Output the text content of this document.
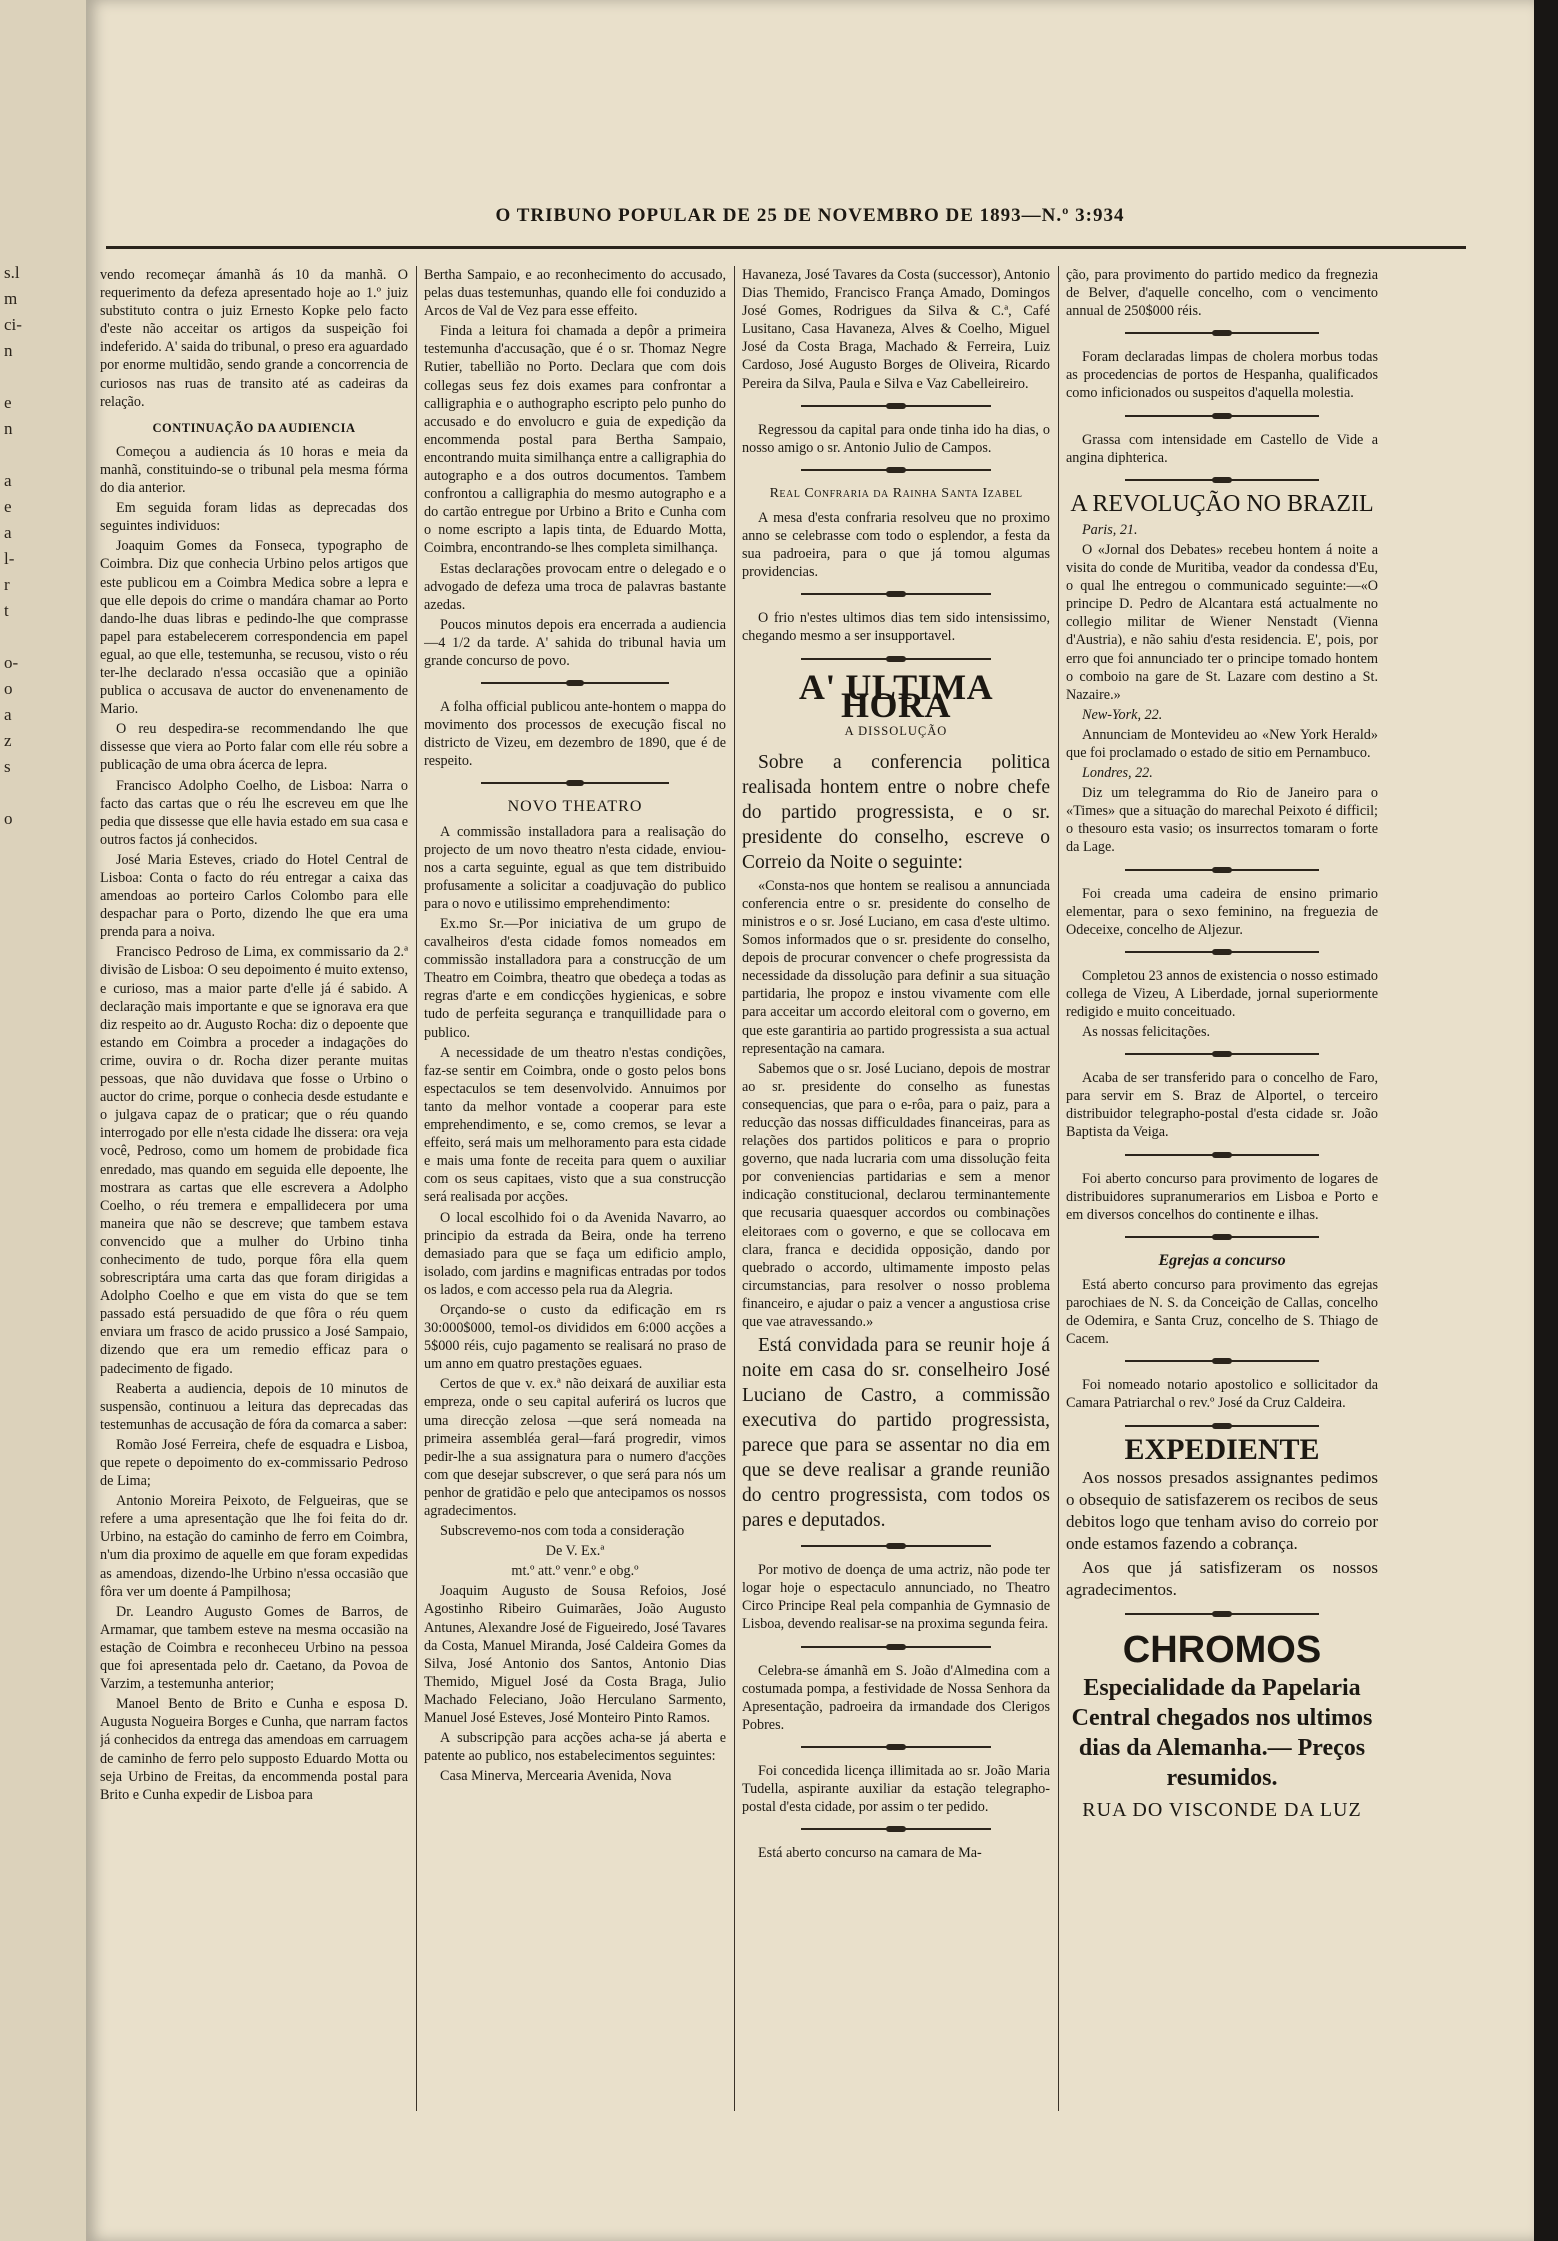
s.l
m
ci-
n
e
n
a
e
a
l-
r
t
o-
o
a
z
s
o
O TRIBUNO POPULAR DE 25 DE NOVEMBRO DE 1893—N.º 3:934

vendo recomeçar ámanhã ás 10 da manhã. O requerimento da defeza apresentado hoje ao 1.º juiz substituto contra o juiz Ernesto Kopke pelo facto d'este não acceitar os artigos da suspeição foi indeferido. A' saida do tribunal, o preso era aguardado por enorme multidão, sendo grande a concorrencia de curiosos nas ruas de transito até as cadeiras da relação.

CONTINUAÇÃO DA AUDIENCIA

Começou a audiencia ás 10 horas e meia da manhã, constituindo-se o tribunal pela mesma fórma do dia anterior.

Em seguida foram lidas as deprecadas dos seguintes individuos:

Joaquim Gomes da Fonseca, typographo de Coimbra. Diz que conhecia Urbino pelos artigos que este publicou em a Coimbra Medica sobre a lepra e que elle depois do crime o mandára chamar ao Porto dando-lhe duas libras e pedindo-lhe que comprasse papel para estabelecerem correspondencia em papel egual, ao que elle, testemunha, se recusou, visto o réu ter-lhe declarado n'essa occasião que a opinião publica o accusava de auctor do envenenamento de Mario.

O reu despedira-se recommendando lhe que dissesse que viera ao Porto falar com elle réu sobre a publicação de uma obra ácerca de lepra.

Francisco Adolpho Coelho, de Lisboa: Narra o facto das cartas que o réu lhe escreveu em que lhe pedia que dissesse que elle havia estado em sua casa e outros factos já conhecidos.

José Maria Esteves, criado do Hotel Central de Lisboa: Conta o facto do réu entregar a caixa das amendoas ao porteiro Carlos Colombo para elle despachar para o Porto, dizendo lhe que era uma prenda para a noiva.

Francisco Pedroso de Lima, ex commissario da 2.ª divisão de Lisboa: O seu depoimento é muito extenso, e curioso, mas a maior parte d'elle já é sabido. A declaração mais importante e que se ignorava era que diz respeito ao dr. Augusto Rocha: diz o depoente que estando em Coimbra a proceder a indagações do crime, ouvira o dr. Rocha dizer perante muitas pessoas, que não duvidava que fosse o Urbino o auctor do crime, porque o conhecia desde estudante e o julgava capaz de o praticar; que o réu quando interrogado por elle n'esta cidade lhe dissera: ora veja você, Pedroso, como um homem de probidade fica enredado, mas quando em seguida elle depoente, lhe mostrara as cartas que elle escrevera a Adolpho Coelho, o réu tremera e empallidecera por uma maneira que não se descreve; que tambem estava convencido que a mulher do Urbino tinha conhecimento de tudo, porque fôra ella quem sobrescriptára uma carta das que foram dirigidas a Adolpho Coelho e que em vista do que se tem passado está persuadido de que fôra o réu quem enviara um frasco de acido prussico a José Sampaio, dizendo que era um remedio efficaz para o padecimento de figado.

Reaberta a audiencia, depois de 10 minutos de suspensão, continuou a leitura das deprecadas das testemunhas de accusação de fóra da comarca a saber:

Romão José Ferreira, chefe de esquadra e Lisboa, que repete o depoimento do ex-commissario Pedroso de Lima;

Antonio Moreira Peixoto, de Felgueiras, que se refere a uma apresentação que lhe foi feita do dr. Urbino, na estação do caminho de ferro em Coimbra, n'um dia proximo de aquelle em que foram expedidas as amendoas, dizendo-lhe Urbino n'essa occasião que fôra ver um doente á Pampilhosa;

Dr. Leandro Augusto Gomes de Barros, de Armamar, que tambem esteve na mesma occasião na estação de Coimbra e reconheceu Urbino na pessoa que foi apresentada pelo dr. Caetano, da Povoa de Varzim, a testemunha anterior;

Manoel Bento de Brito e Cunha e esposa D. Augusta Nogueira Borges e Cunha, que narram factos já conhecidos da entrega das amendoas em carruagem de caminho de ferro pelo supposto Eduardo Motta ou seja Urbino de Freitas, da encommenda postal para Brito e Cunha expedir de Lisboa para

Bertha Sampaio, e ao reconhecimento do accusado, pelas duas testemunhas, quando elle foi conduzido a Arcos de Val de Vez para esse effeito.

Finda a leitura foi chamada a depôr a primeira testemunha d'accusação, que é o sr. Thomaz Negre Rutier, tabellião no Porto. Declara que com dois collegas seus fez dois exames para confrontar a calligraphia e o authographo escripto pelo punho do accusado e do envolucro e guia de expedição da encommenda postal para Bertha Sampaio, encontrando muita similhança entre a calligraphia do autographo e a dos outros documentos. Tambem confrontou a calligraphia do mesmo autographo e a do cartão entregue por Urbino a Brito e Cunha com o nome escripto a lapis tinta, de Eduardo Motta, Coimbra, encontrando-se lhes completa similhança.

Estas declarações provocam entre o delegado e o advogado de defeza uma troca de palavras bastante azedas.

Poucos minutos depois era encerrada a audiencia—4 1/2 da tarde. A' sahida do tribunal havia um grande concurso de povo.

A folha official publicou ante-hontem o mappa do movimento dos processos de execução fiscal no districto de Vizeu, em dezembro de 1890, que é de respeito.

NOVO THEATRO

A commissão installadora para a realisação do projecto de um novo theatro n'esta cidade, enviou-nos a carta seguinte, egual as que tem distribuido profusamente a solicitar a coadjuvação do publico para o novo e utilissimo emprehendimento:

Ex.mo Sr.—Por iniciativa de um grupo de cavalheiros d'esta cidade fomos nomeados em commissão installadora para a construcção de um Theatro em Coimbra, theatro que obedeça a todas as regras d'arte e em condicções hygienicas, e sobre tudo de perfeita segurança e tranquillidade para o publico.

A necessidade de um theatro n'estas condições, faz-se sentir em Coimbra, onde o gosto pelos bons espectaculos se tem desenvolvido. Annuimos por tanto da melhor vontade a cooperar para este emprehendimento, e se, como cremos, se levar a effeito, será mais um melhoramento para esta cidade e mais uma fonte de receita para quem o auxiliar com os seus capitaes, visto que a sua construcção será realisada por acções.

O local escolhido foi o da Avenida Navarro, ao principio da estrada da Beira, onde ha terreno demasiado para que se faça um edificio amplo, isolado, com jardins e magnificas entradas por todos os lados, e com accesso pela rua da Alegria.

Orçando-se o custo da edificação em rs 30:000$000, temol-os divididos em 6:000 acções a 5$000 réis, cujo pagamento se realisará no praso de um anno em quatro prestações eguaes.

Certos de que v. ex.ª não deixará de auxiliar esta empreza, onde o seu capital auferirá os lucros que uma direcção zelosa —que será nomeada na primeira assembléa geral—fará progredir, vimos pedir-lhe a sua assignatura para o numero d'acções com que desejar subscrever, o que será para nós um penhor de gratidão e pelo que antecipamos os nossos agradecimentos.

Subscrevemo-nos com toda a consideração

De V. Ex.ª

mt.º att.º venr.º e obg.º

Joaquim Augusto de Sousa Refoios, José Agostinho Ribeiro Guimarães, João Augusto Antunes, Alexandre José de Figueiredo, José Tavares da Costa, Manuel Miranda, José Caldeira Gomes da Silva, José Antonio dos Santos, Antonio Dias Themido, Miguel José da Costa Braga, Julio Machado Feleciano, João Herculano Sarmento, Manuel José Esteves, José Monteiro Pinto Ramos.

A subscripção para acções acha-se já aberta e patente ao publico, nos estabelecimentos seguintes:

Casa Minerva, Mercearia Avenida, Nova

Havaneza, José Tavares da Costa (successor), Antonio Dias Themido, Francisco França Amado, Domingos José Gomes, Rodrigues da Silva & C.ª, Café Lusitano, Casa Havaneza, Alves & Coelho, Miguel José da Costa Braga, Machado & Ferreira, Luiz Cardoso, José Augusto Borges de Oliveira, Ricardo Pereira da Silva, Paula e Silva e Vaz Cabelleireiro.

Regressou da capital para onde tinha ido ha dias, o nosso amigo o sr. Antonio Julio de Campos.

Real Confraria da Rainha Santa Izabel

A mesa d'esta confraria resolveu que no proximo anno se celebrasse com todo o esplendor, a festa da sua padroeira, para o que já tomou algumas providencias.

O frio n'estes ultimos dias tem sido intensissimo, chegando mesmo a ser insupportavel.

A' ULTIMA HORA
A DISSOLUÇÃO

Sobre a conferencia politica realisada hontem entre o nobre chefe do partido progressista, e o sr. presidente do conselho, escreve o Correio da Noite o seguinte:

«Consta-nos que hontem se realisou a annunciada conferencia entre o sr. presidente do conselho de ministros e o sr. José Luciano, em casa d'este ultimo. Somos informados que o sr. presidente do conselho, depois de procurar convencer o chefe progressista da necessidade da dissolução para definir a sua situação partidaria, lhe propoz e instou vivamente com elle para acceitar um accordo eleitoral com o governo, em que este garantiria ao partido progressista a sua actual representação na camara.

Sabemos que o sr. José Luciano, depois de mostrar ao sr. presidente do conselho as funestas consequencias, que para o e-rôa, para o paiz, para a reducção das nossas difficuldades financeiras, para as relações dos partidos politicos e para o proprio governo, que nada lucraria com uma dissolução feita por conveniencias partidarias e sem a menor indicação constitucional, declarou terminantemente que recusaria quaesquer accordos ou combinações eleitoraes com o governo, e que se collocava em clara, franca e decidida opposição, dando por quebrado o accordo, ultimamente imposto pelas circumstancias, para resolver o nosso problema financeiro, e ajudar o paiz a vencer a angustiosa crise que vae atravessando.»

Está convidada para se reunir hoje á noite em casa do sr. conselheiro José Luciano de Castro, a commissão executiva do partido progressista, parece que para se assentar no dia em que se deve realisar a grande reunião do centro progressista, com todos os pares e deputados.

Por motivo de doença de uma actriz, não pode ter logar hoje o espectaculo annunciado, no Theatro Circo Principe Real pela companhia de Gymnasio de Lisboa, devendo realisar-se na proxima segunda feira.

Celebra-se ámanhã em S. João d'Almedina com a costumada pompa, a festividade de Nossa Senhora da Apresentação, padroeira da irmandade dos Clerigos Pobres.

Foi concedida licença illimitada ao sr. João Maria Tudella, aspirante auxiliar da estação telegrapho-postal d'esta cidade, por assim o ter pedido.

Está aberto concurso na camara de Ma-

ção, para provimento do partido medico da fregnezia de Belver, d'aquelle concelho, com o vencimento annual de 250$000 réis.

Foram declaradas limpas de cholera morbus todas as procedencias de portos de Hespanha, qualificados como inficionados ou suspeitos d'aquella molestia.

Grassa com intensidade em Castello de Vide a angina diphterica.

A REVOLUÇÃO NO BRAZIL

Paris, 21.

O «Jornal dos Debates» recebeu hontem á noite a visita do conde de Muritiba, veador da condessa d'Eu, o qual lhe entregou o communicado seguinte:—«O principe D. Pedro de Alcantara está actualmente no collegio militar de Wiener Nenstadt (Vienna d'Austria), e não sahiu d'esta residencia. E', pois, por erro que foi annunciado ter o principe tomado hontem o comboio na gare de St. Lazare com destino a St. Nazaire.»

New-York, 22.

Annunciam de Montevideu ao «New York Herald» que foi proclamado o estado de sitio em Pernambuco.

Londres, 22.

Diz um telegramma do Rio de Janeiro para o «Times» que a situação do marechal Peixoto é difficil; o thesouro esta vasio; os insurrectos tomaram o forte da Lage.

Foi creada uma cadeira de ensino primario elementar, para o sexo feminino, na freguezia de Odeceixe, concelho de Aljezur.

Completou 23 annos de existencia o nosso estimado collega de Vizeu, A Liberdade, jornal superiormente redigido e muito conceituado.

As nossas felicitações.

Acaba de ser transferido para o concelho de Faro, para servir em S. Braz de Alportel, o terceiro distribuidor telegrapho-postal d'esta cidade sr. João Baptista da Veiga.

Foi aberto concurso para provimento de logares de distribuidores supranumerarios em Lisboa e Porto e em diversos concelhos do continente e ilhas.

Egrejas a concurso

Está aberto concurso para provimento das egrejas parochiaes de N. S. da Conceição de Callas, concelho de Odemira, e Santa Cruz, concelho de S. Thiago de Cacem.

Foi nomeado notario apostolico e sollicitador da Camara Patriarchal o rev.º José da Cruz Caldeira.

EXPEDIENTE

Aos nossos presados assignantes pedimos o obsequio de satisfazerem os recibos de seus debitos logo que tenham aviso do correio por onde estamos fazendo a cobrança.

Aos que já satisfizeram os nossos agradecimentos.

CHROMOS
Especialidade da Papelaria Central chegados nos ultimos dias da Alemanha.— Preços resumidos.
RUA DO VISCONDE DA LUZ
